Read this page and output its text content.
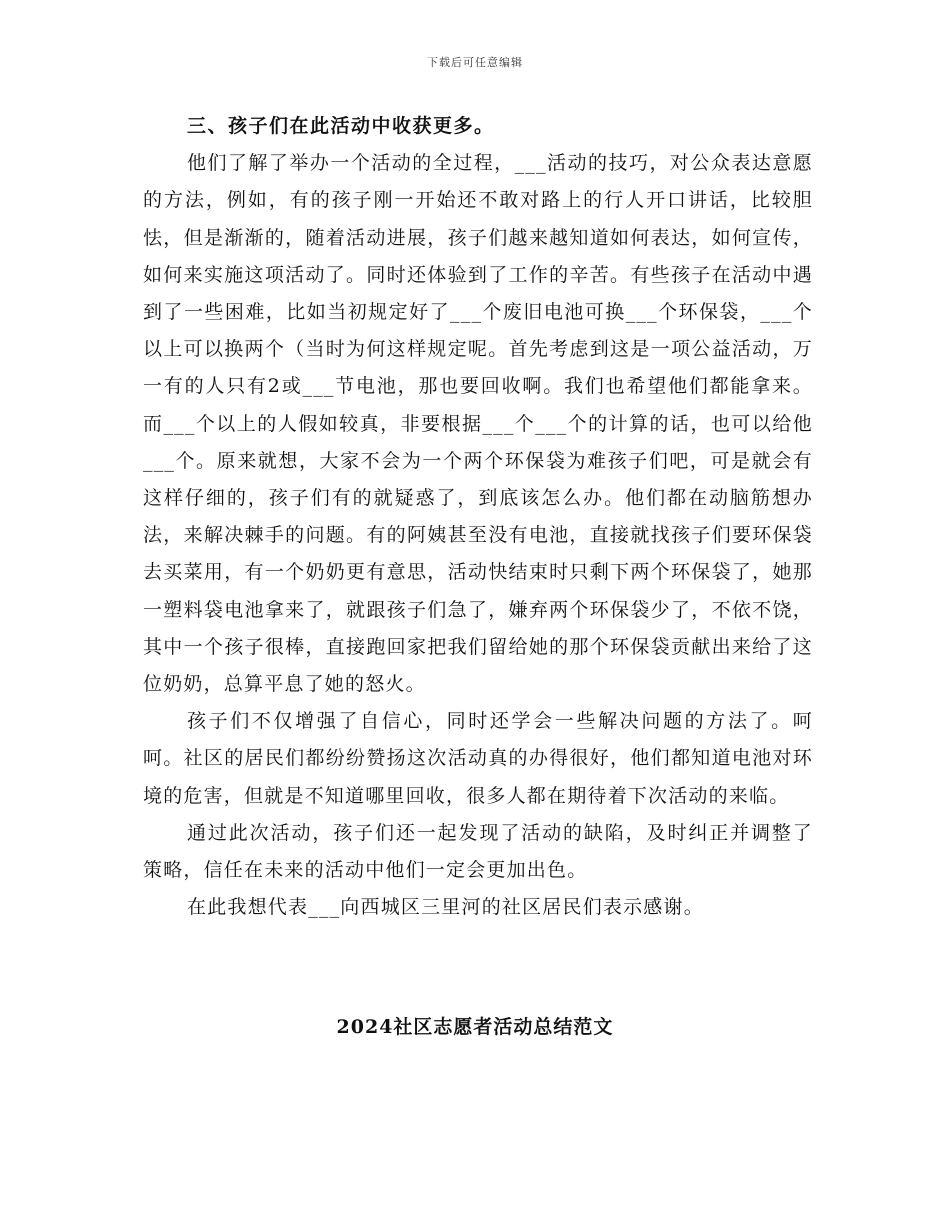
下载后可任意编辑

三、孩子们在此活动中收获更多。

他们了解了举办一个活动的全过程，___活动的技巧，对公众表达意愿的方法，例如，有的孩子刚一开始还不敢对路上的行人开口讲话，比较胆怯，但是渐渐的，随着活动进展，孩子们越来越知道如何表达，如何宣传，如何来实施这项活动了。同时还体验到了工作的辛苦。有些孩子在活动中遇到了一些困难，比如当初规定好了___个废旧电池可换___个环保袋，___个以上可以换两个（当时为何这样规定呢。首先考虑到这是一项公益活动，万一有的人只有2或___节电池，那也要回收啊。我们也希望他们都能拿来。而___个以上的人假如较真，非要根据___个___个的计算的话，也可以给他___个。原来就想，大家不会为一个两个环保袋为难孩子们吧，可是就会有这样仔细的，孩子们有的就疑惑了，到底该怎么办。他们都在动脑筋想办法，来解决棘手的问题。有的阿姨甚至没有电池，直接就找孩子们要环保袋去买菜用，有一个奶奶更有意思，活动快结束时只剩下两个环保袋了，她那一塑料袋电池拿来了，就跟孩子们急了，嫌弃两个环保袋少了，不依不饶，其中一个孩子很棒，直接跑回家把我们留给她的那个环保袋贡献出来给了这位奶奶，总算平息了她的怒火。

孩子们不仅增强了自信心，同时还学会一些解决问题的方法了。呵呵。社区的居民们都纷纷赞扬这次活动真的办得很好，他们都知道电池对环境的危害，但就是不知道哪里回收，很多人都在期待着下次活动的来临。

通过此次活动，孩子们还一起发现了活动的缺陷，及时纠正并调整了策略，信任在未来的活动中他们一定会更加出色。

在此我想代表___向西城区三里河的社区居民们表示感谢。

2024社区志愿者活动总结范文
